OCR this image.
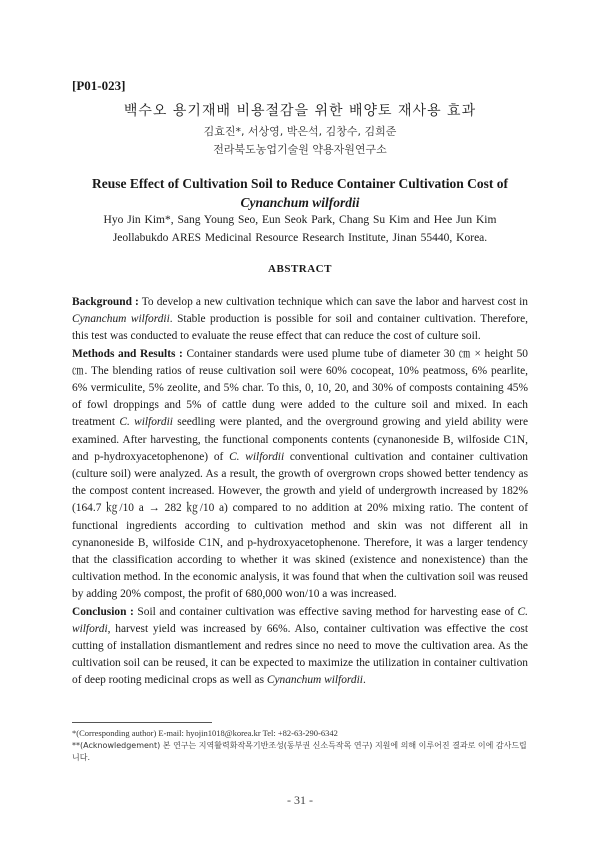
[P01-023]
백수오 용기재배 비용절감을 위한 배양토 재사용 효과
김효진*, 서상영, 박은석, 김창수, 김희준
전라북도농업기술원 약용자원연구소
Reuse Effect of Cultivation Soil to Reduce Container Cultivation Cost of
Cynanchum wilfordii
Hyo Jin Kim*, Sang Young Seo, Eun Seok Park, Chang Su Kim and Hee Jun Kim
Jeollabukdo ARES Medicinal Resource Research Institute, Jinan 55440, Korea.
ABSTRACT

Background : To develop a new cultivation technique which can save the labor and harvest cost in Cynanchum wilfordii. Stable production is possible for soil and container cultivation. Therefore, this test was conducted to evaluate the reuse effect that can reduce the cost of culture soil.

Methods and Results : Container standards were used plume tube of diameter 30 ㎝ × height 50 ㎝. The blending ratios of reuse cultivation soil were 60% cocopeat, 10% peatmoss, 6% pearlite, 6% vermiculite, 5% zeolite, and 5% char. To this, 0, 10, 20, and 30% of composts containing 45% of fowl droppings and 5% of cattle dung were added to the culture soil and mixed. In each treatment C. wilfordii seedling were planted, and the overground growing and yield ability were examined. After harvesting, the functional components contents (cynanoneside B, wilfoside C1N, and p-hydroxyacetophenone) of C. wilfordii conventional cultivation and container cultivation (culture soil) were analyzed. As a result, the growth of overgrown crops showed better tendency as the compost content increased. However, the growth and yield of undergrowth increased by 182% (164.7 ㎏/10 a → 282 ㎏/10 a) compared to no addition at 20% mixing ratio. The content of functional ingredients according to cultivation method and skin was not different all in cynanoneside B, wilfoside C1N, and p-hydroxyacetophenone. Therefore, it was a larger tendency that the classification according to whether it was skined (existence and nonexistence) than the cultivation method. In the economic analysis, it was found that when the cultivation soil was reused by adding 20% compost, the profit of 680,000 won/10 a was increased.

Conclusion : Soil and container cultivation was effective saving method for harvesting ease of C. wilfordi, harvest yield was increased by 66%. Also, container cultivation was effective the cost cutting of installation dismantlement and redres since no need to move the cultivation area. As the cultivation soil can be reused, it can be expected to maximize the utilization in container cultivation of deep rooting medicinal crops as well as Cynanchum wilfordii.

*(Corresponding author) E-mail: hyojin1018@korea.kr Tel: +82-63-290-6342
**(Acknowledgement) 본 연구는 지역활력화작목기반조성(동부권 신소득작목 연구) 지원에 의해 이루어진 결과로 이에 감사드립니다.
- 31 -
